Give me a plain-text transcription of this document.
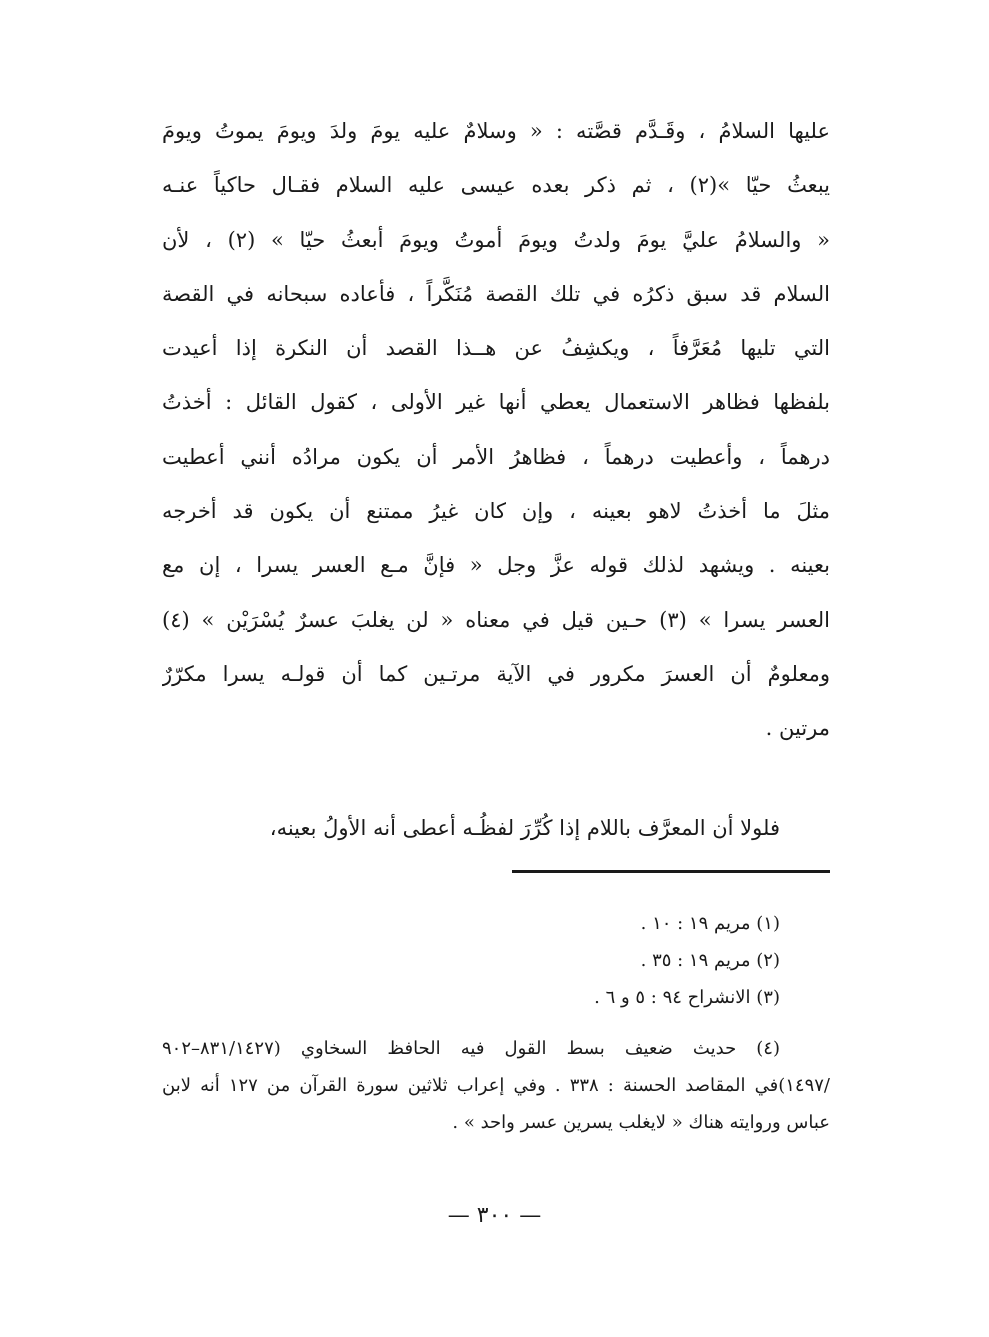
عليها السلامُ ، وقَـدَّم قصَّته : « وسلامٌ عليه يومَ ولدَ ويومَ يموتُ ويومَ
يبعثُ حيّا »(٢) ، ثم ذكر بعده عيسى عليه السلام فقـال حاكياً عنـه
« والسلامُ عليَّ يومَ ولدتُ ويومَ أموتُ ويومَ أبعثُ حيّا » (٢) ، لأن
السلام قد سبق ذكرُه في تلك القصة مُنَكَّراً ، فأعاده سبحانه في القصة
التي تليها مُعَرَّفاً ، ويكشِفُ عن هــذا القصد أن النكرة إذا أعيدت
بلفظها فظاهر الاستعمال يعطي أنها غير الأولى ، كقول القائل : أخذتُ
درهماً ، وأعطيت درهماً ، فظاهرُ الأمر أن يكون مرادُه أنني أعطيت
مثلَ ما أخذتُ لاهو بعينه ، وإن كان غيرُ ممتنع أن يكون قد أخرجه
بعينه . ويشهد لذلك قوله عزَّ وجل « فإنَّ مـع العسر يسرا ، إن مع
العسر يسرا » (٣) حـين قيل في معناه « لن يغلبَ عسرٌ يُسْرَيْن » (٤)
ومعلومٌ أن العسرَ مكرور في الآية مرتـين كما أن قولـه يسرا مكرّرٌ
مرتين .
فلولا أن المعرَّف باللام إذا كُرِّرَ لفظُـه أعطى أنه الأولُ بعينه،
(١) مريم ١٩ : ١٠ .
(٢) مريم ١٩ : ٣٥ .
(٣) الانشراح ٩٤ : ٥ و ٦ .
(٤) حديث ضعيف بسط القول فيه الحافظ السخاوي (٨٣١/١٤٢٧–٩٠٢
/١٤٩٧)في المقاصد الحسنة : ٣٣٨ . وفي إعراب ثلاثين سورة القرآن من ١٢٧ أنه لابن
عباس وروايته هناك « لايغلب يسرين عسر واحد » .
— ٣٠٠ —
